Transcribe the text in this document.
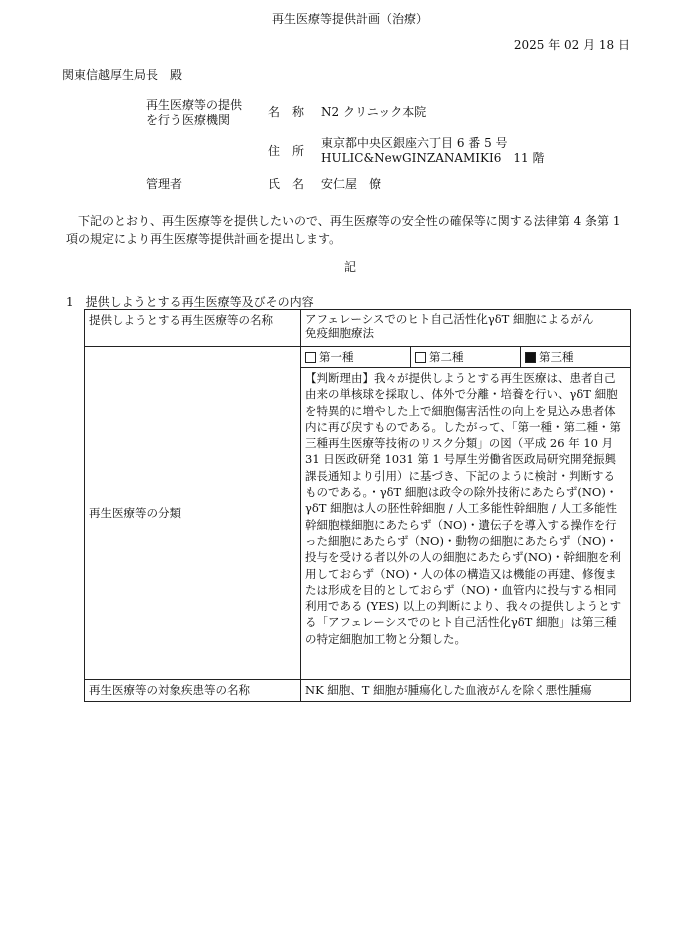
再生医療等提供計画（治療）
2025 年 02 月 18 日
関東信越厚生局長　殿
再生医療等の提供
を行う医療機関
名　称 N2 クリニック本院
住　所
東京都中央区銀座六丁目 6 番 5 号
HULIC&NewGINZANAMIKI6　11 階
管理者	氏　名 安仁屋　僚
下記のとおり、再生医療等を提供したいので、再生医療等の安全性の確保等に関する法律第 4 条第 1 項の規定により再生医療等提供計画を提出します。
記
1　提供しようとする再生医療等及びその内容
提供しようとする再生医療等の名称	アフェレーシスでのヒト自己活性化γδT 細胞によるがん
免疫細胞療法

再生医療等の分類	第一種 第二種 第三種
【判断理由】我々が提供しようとする再生医療は、患者自己由来の単核球を採取し、体外で分離・培養を行い、γδT 細胞を特異的に増やした上で細胞傷害活性の向上を見込み患者体内に再び戻すものである。したがって、「第一種・第二種・第三種再生医療等技術のリスク分類」の図（平成 26 年 10 月 31 日医政研発 1031 第 1 号厚生労働省医政局研究開発振興課長通知より引用）に基づき、下記のように検討・判断するものである。・γδT 細胞は政令の除外技術にあたらず(NO)・γδT 細胞は人の胚性幹細胞 / 人工多能性幹細胞 / 人工多能性幹細胞様細胞にあたらず（NO)・遺伝子を導入する操作を行った細胞にあたらず（NO)・動物の細胞にあたらず（NO)・投与を受ける者以外の人の細胞にあたらず(NO)・幹細胞を利用しておらず（NO)・人の体の構造又は機能の再建、修復または形成を目的としておらず（NO)・血管内に投与する相同利用である (YES) 以上の判断により、我々の提供しようとする「アフェレーシスでのヒト自己活性化γδT 細胞」は第三種の特定細胞加工物と分類した。

再生医療等の対象疾患等の名称	NK 細胞、T 細胞が腫瘍化した血液がんを除く悪性腫瘍
